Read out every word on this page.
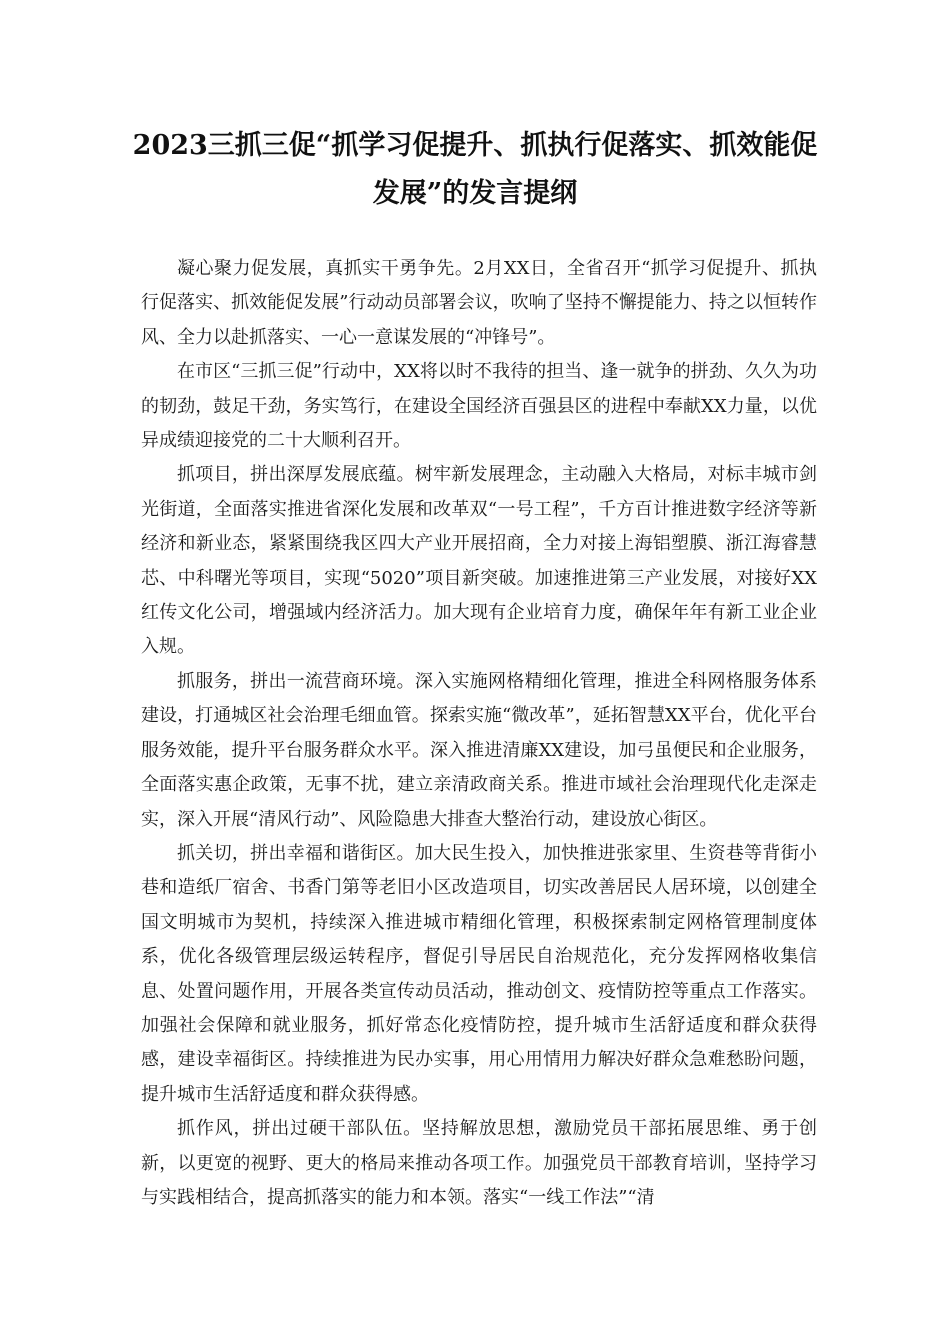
2023三抓三促“抓学习促提升、抓执行促落实、抓效能促发展”的发言提纲

凝心聚力促发展，真抓实干勇争先。2月XX日，全省召开“抓学习促提升、抓执行促落实、抓效能促发展”行动动员部署会议，吹响了坚持不懈提能力、持之以恒转作风、全力以赴抓落实、一心一意谋发展的“冲锋号”。

在市区“三抓三促”行动中，XX将以时不我待的担当、逢一就争的拼劲、久久为功的韧劲，鼓足干劲，务实笃行，在建设全国经济百强县区的进程中奉献XX力量，以优异成绩迎接党的二十大顺利召开。

抓项目，拼出深厚发展底蕴。树牢新发展理念，主动融入大格局，对标丰城市剑光街道，全面落实推进省深化发展和改革双“一号工程”，千方百计推进数字经济等新经济和新业态，紧紧围绕我区四大产业开展招商，全力对接上海铝塑膜、浙江海睿慧芯、中科曙光等项目，实现“5020”项目新突破。加速推进第三产业发展，对接好XX红传文化公司，增强域内经济活力。加大现有企业培育力度，确保年年有新工业企业入规。

抓服务，拼出一流营商环境。深入实施网格精细化管理，推进全科网格服务体系建设，打通城区社会治理毛细血管。探索实施“微改革”，延拓智慧XX平台，优化平台服务效能，提升平台服务群众水平。深入推进清廉XX建设，加弓虽便民和企业服务，全面落实惠企政策，无事不扰，建立亲清政商关系。推进市域社会治理现代化走深走实，深入开展“清风行动”、风险隐患大排查大整治行动，建设放心街区。

抓关切，拼出幸福和谐街区。加大民生投入，加快推进张家里、生资巷等背街小巷和造纸厂宿舍、书香门第等老旧小区改造项目，切实改善居民人居环境，以创建全国文明城市为契机，持续深入推进城市精细化管理，积极探索制定网格管理制度体系，优化各级管理层级运转程序，督促引导居民自治规范化，充分发挥网格收集信息、处置问题作用，开展各类宣传动员活动，推动创文、疫情防控等重点工作落实。加强社会保障和就业服务，抓好常态化疫情防控，提升城市生活舒适度和群众获得感，建设幸福街区。持续推进为民办实事，用心用情用力解决好群众急难愁盼问题，提升城市生活舒适度和群众获得感。

抓作风，拼出过硬干部队伍。坚持解放思想，激励党员干部拓展思维、勇于创新，以更宽的视野、更大的格局来推动各项工作。加强党员干部教育培训，坚持学习与实践相结合，提高抓落实的能力和本领。落实“一线工作法”“清
